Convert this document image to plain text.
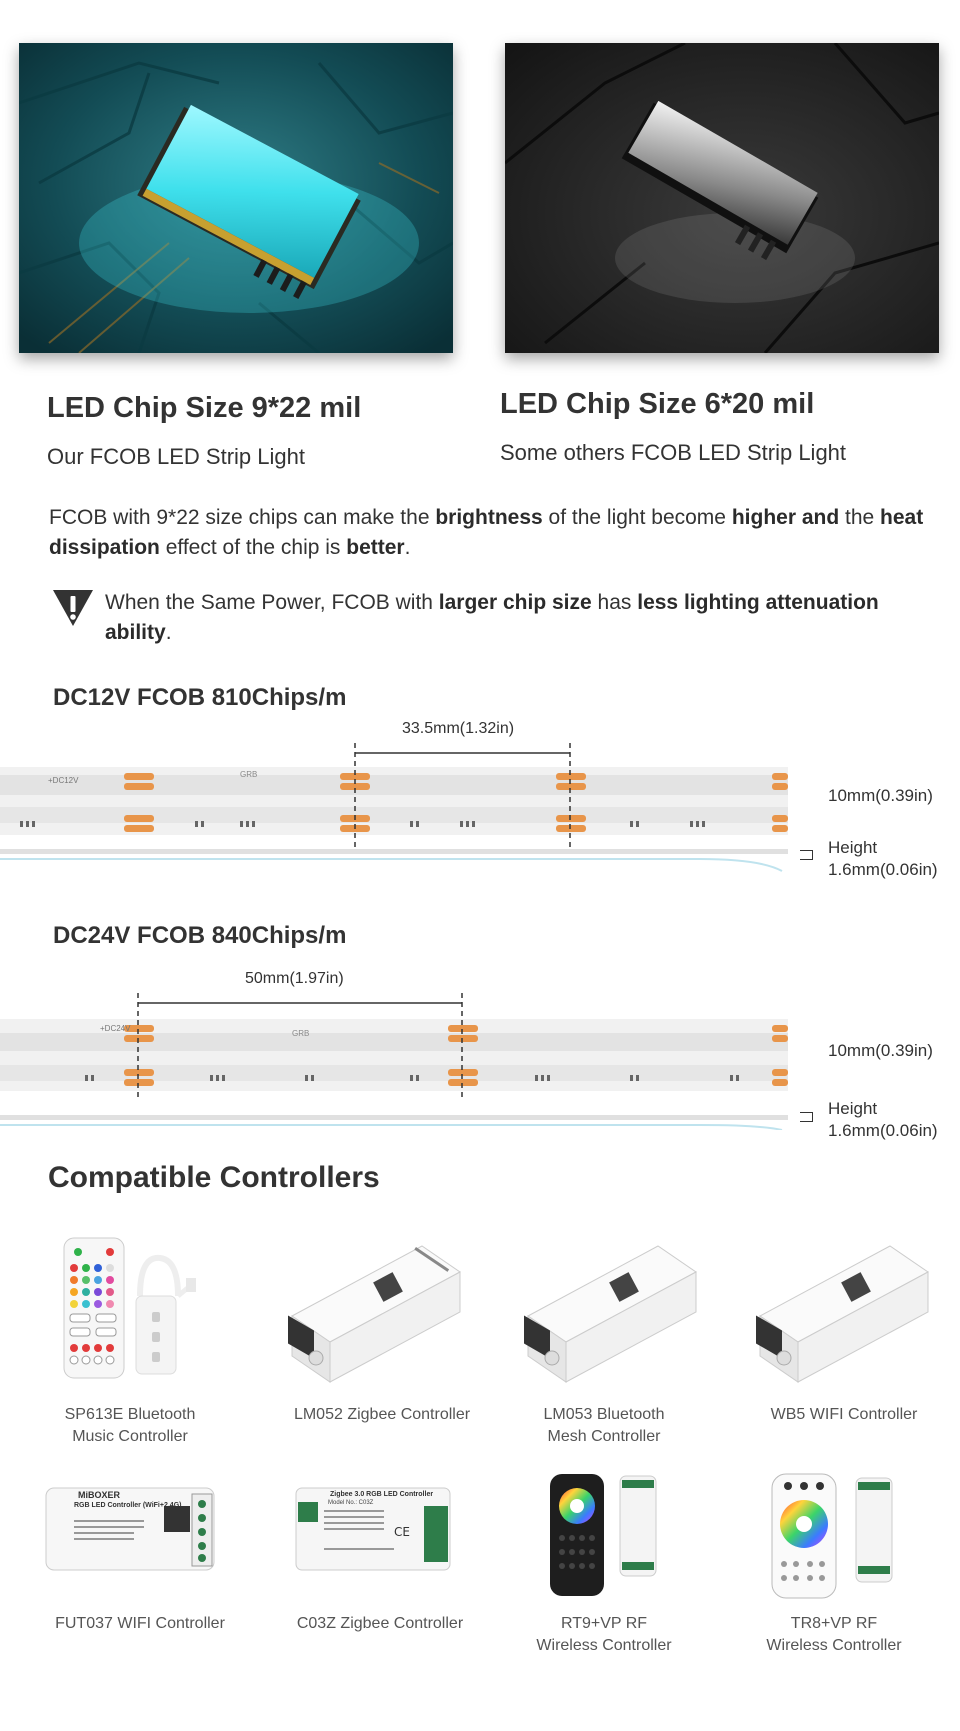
LED Chip Size 9*22 mil
Our FCOB LED Strip Light
LED Chip Size 6*20 mil
Some others FCOB LED Strip Light
FCOB with 9*22 size chips can make the brightness of the light become higher and the heat dissipation effect of the chip is better.
When the Same Power, FCOB with larger chip size has less lighting attenuation ability.
DC12V FCOB 810Chips/m
33.5mm(1.32in)
+DC12V
GRB
10mm(0.39in)
Height
1.6mm(0.06in)
DC24V FCOB 840Chips/m
50mm(1.97in)
+DC24V
GRB
10mm(0.39in)
Height
1.6mm(0.06in)
Compatible Controllers
SP613E Bluetooth
Music Controller
LM052 Zigbee Controller	LM053 Bluetooth
Mesh Controller
WB5 WIFI Controller
MiBOXER
RGB LED Controller (WiFi+2.4G)
FUT037 WIFI Controller
CE
Zigbee 3.0 RGB LED Controller
Model No.: C03Z
C03Z Zigbee Controller	RT9+VP RF
Wireless Controller
TR8+VP RF
Wireless Controller
